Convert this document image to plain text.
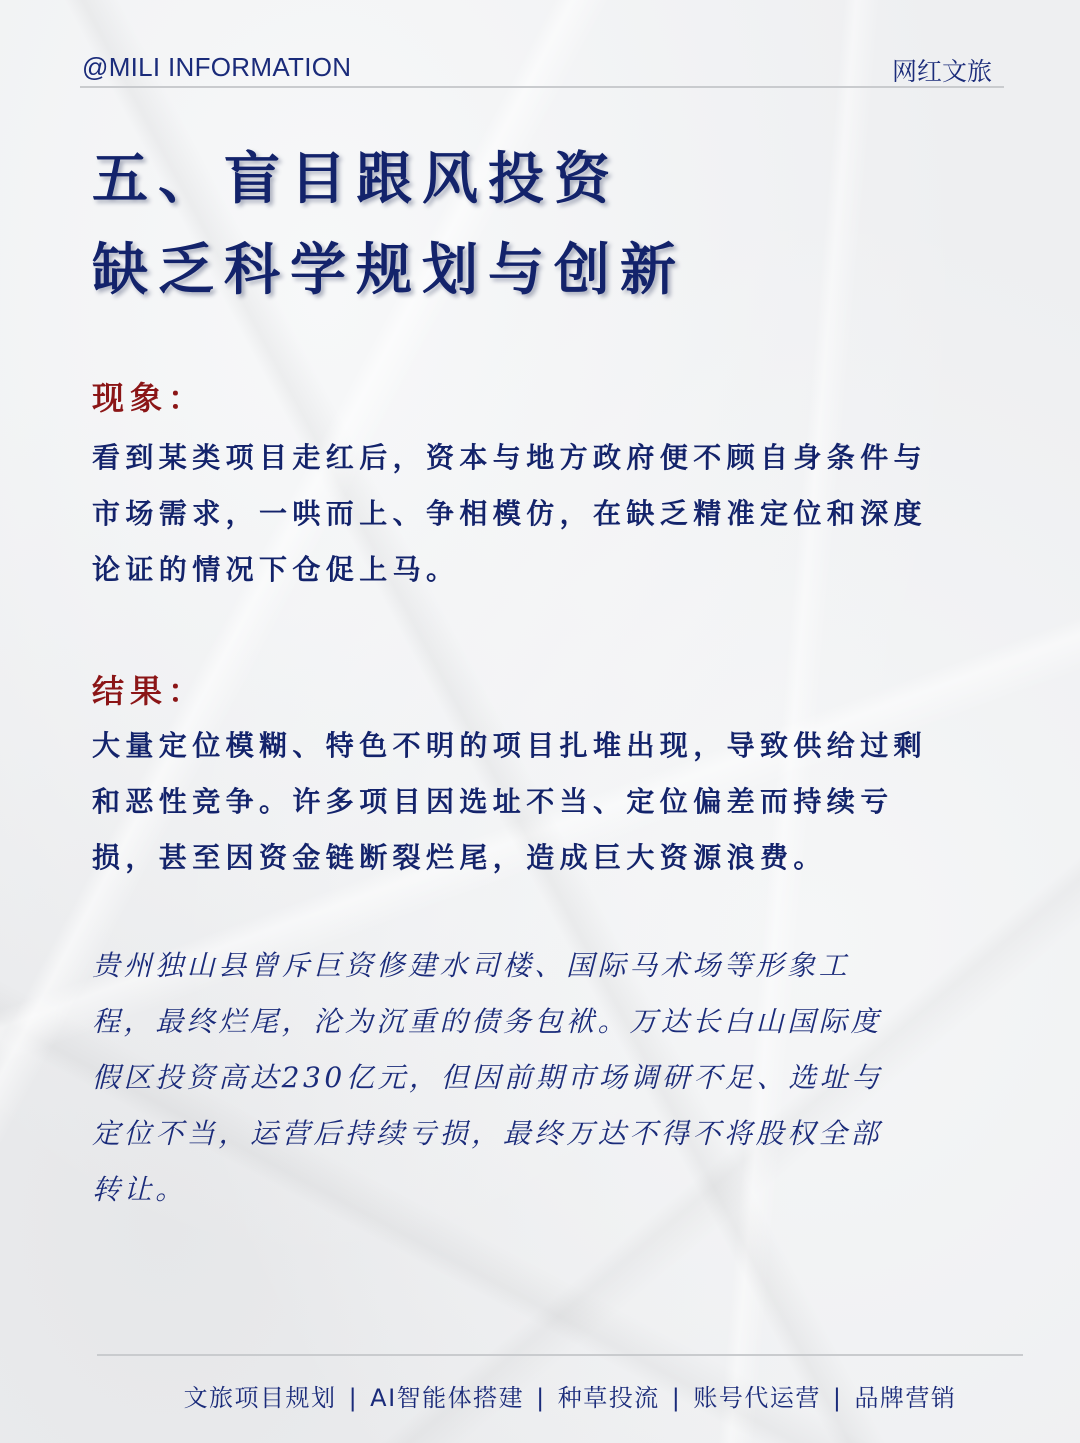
@MILI INFORMATION	网红文旅
五、盲目跟风投资
缺乏科学规划与创新
现象：
看到某类项目走红后，资本与地方政府便不顾自身条件与
市场需求，一哄而上、争相模仿，在缺乏精准定位和深度
论证的情况下仓促上马。
结果：
大量定位模糊、特色不明的项目扎堆出现，导致供给过剩
和恶性竞争。许多项目因选址不当、定位偏差而持续亏
损，甚至因资金链断裂烂尾，造成巨大资源浪费。
贵州独山县曾斥巨资修建水司楼、国际马术场等形象工
程，最终烂尾，沦为沉重的债务包袱。万达长白山国际度
假区投资高达230亿元，但因前期市场调研不足、选址与
定位不当，运营后持续亏损，最终万达不得不将股权全部
转让。
文旅项目规划 | AI智能体搭建 | 种草投流 | 账号代运营 | 品牌营销
